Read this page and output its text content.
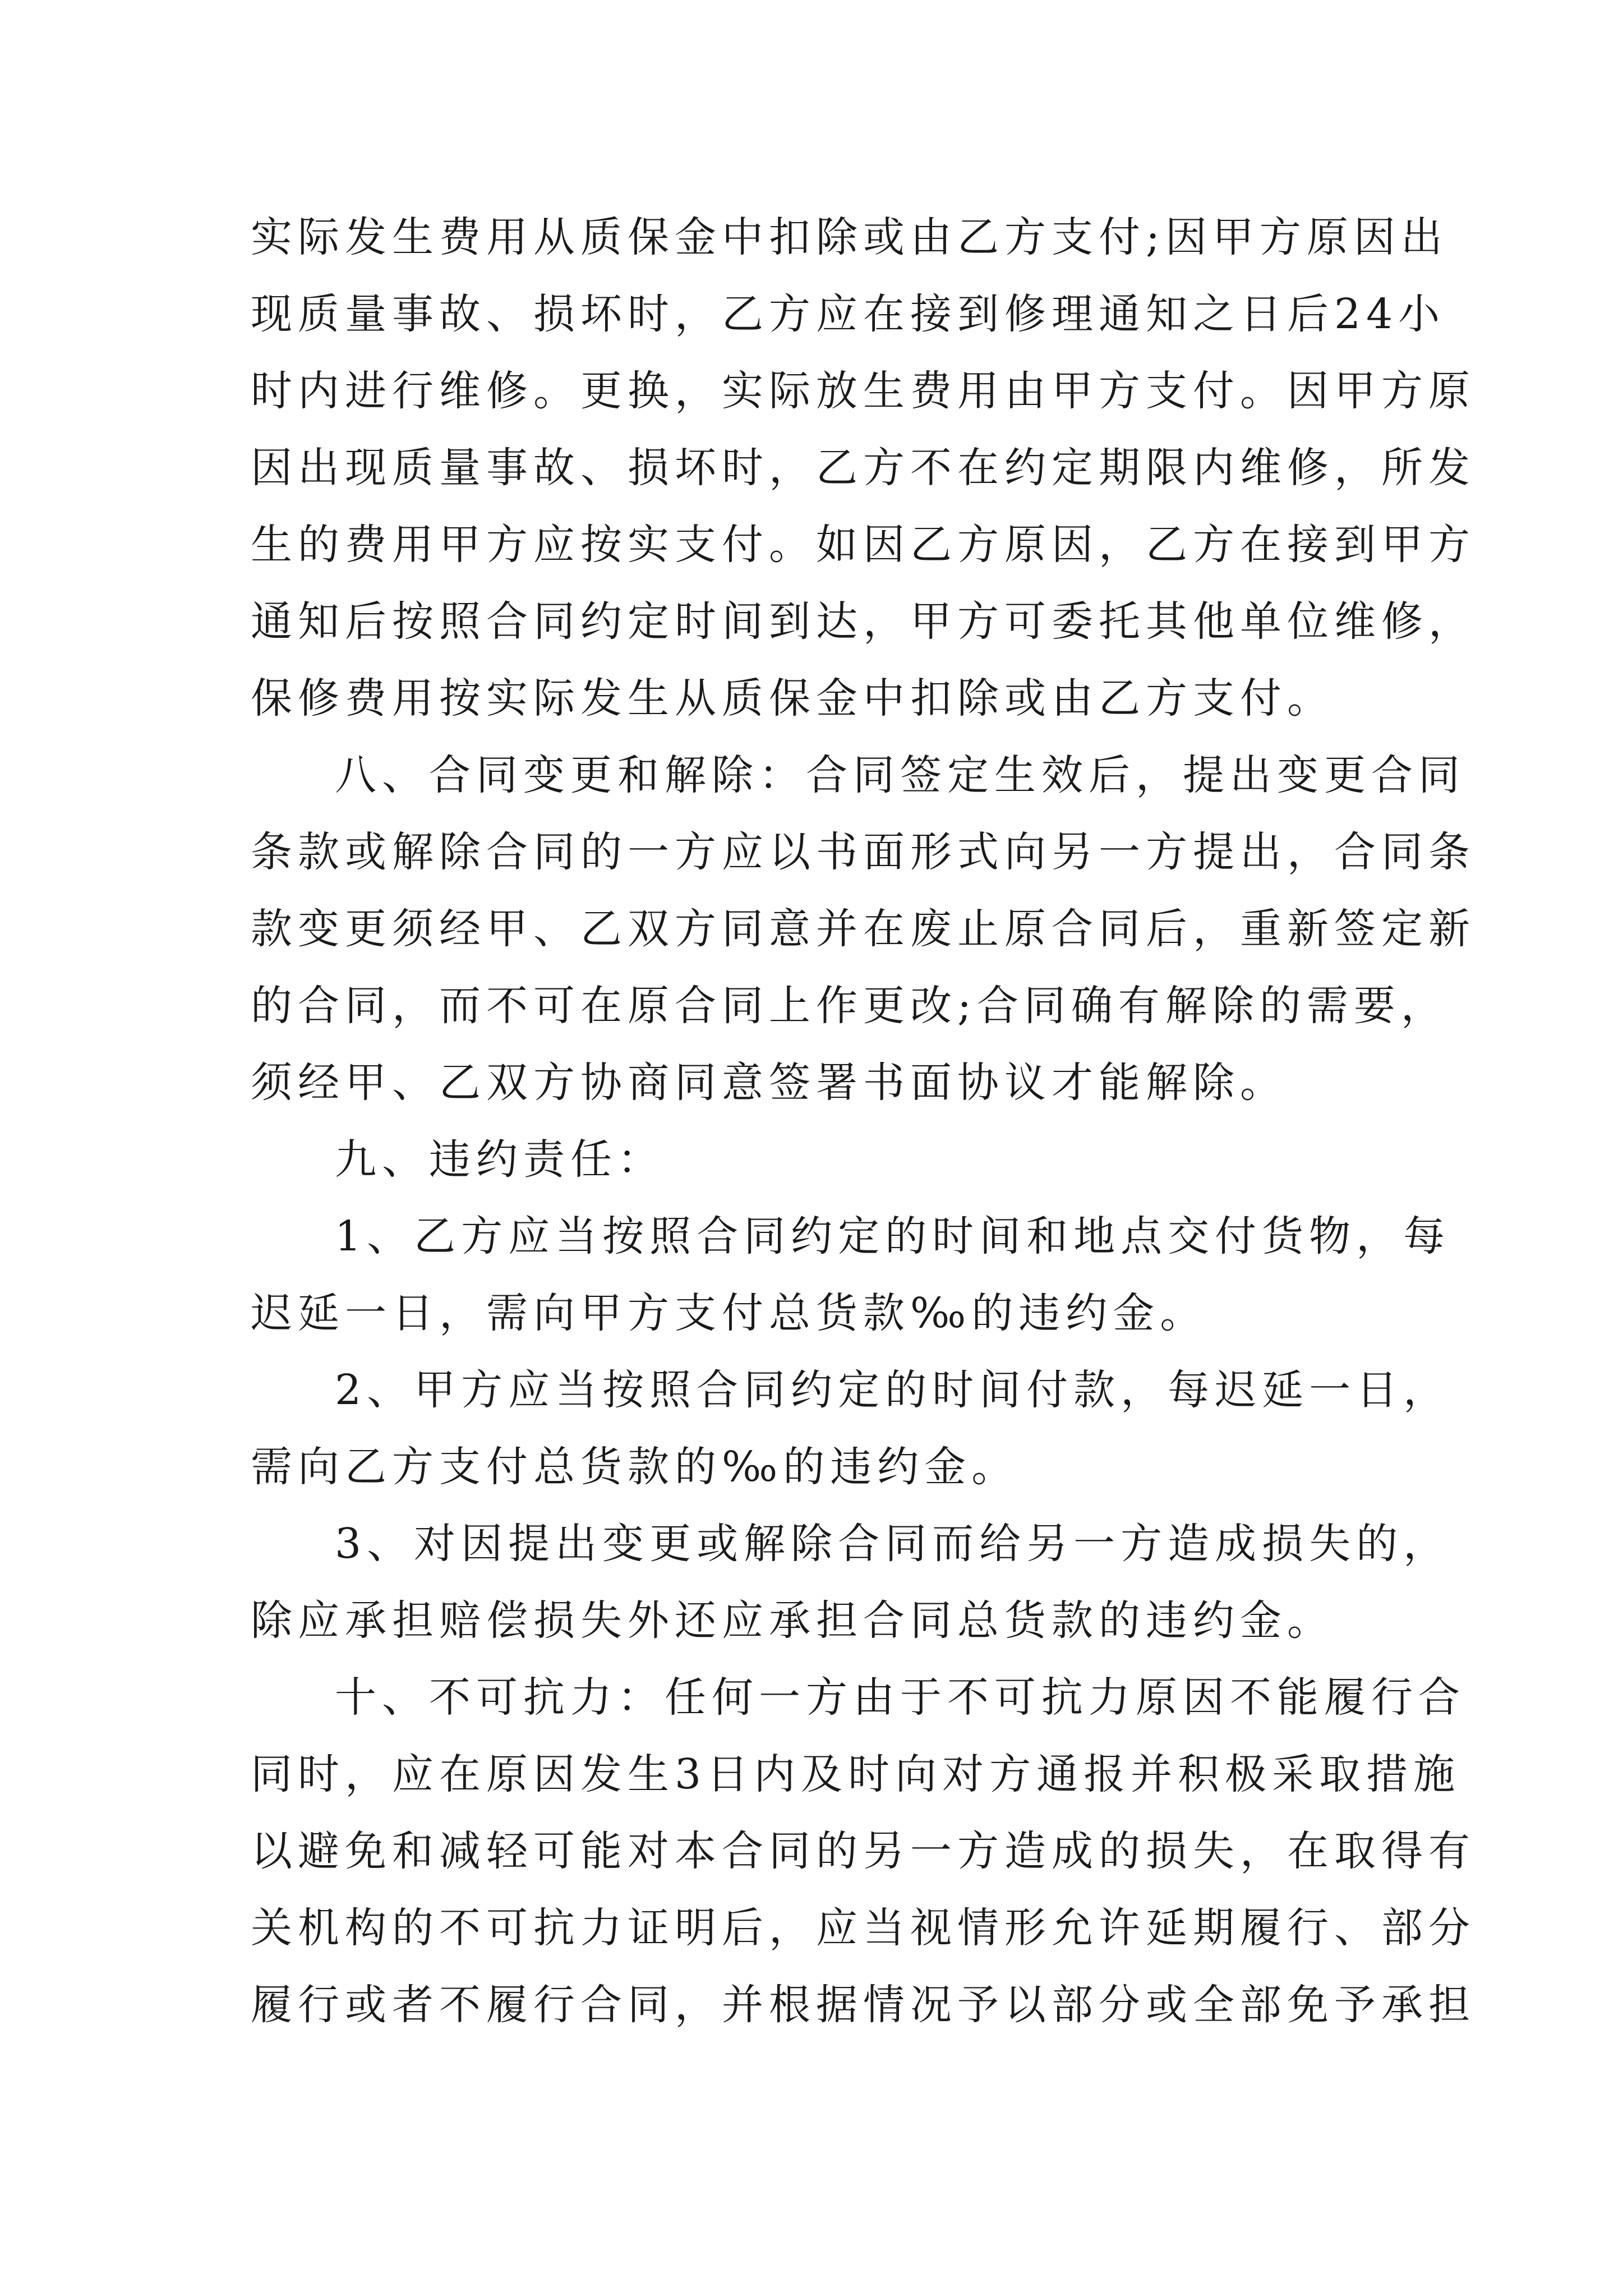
实际发生费用从质保金中扣除或由乙方支付;因甲方原因出
现质量事故、损坏时，乙方应在接到修理通知之日后24小
时内进行维修。更换，实际放生费用由甲方支付。因甲方原
因出现质量事故、损坏时，乙方不在约定期限内维修，所发
生的费用甲方应按实支付。如因乙方原因，乙方在接到甲方
通知后按照合同约定时间到达，甲方可委托其他单位维修，
保修费用按实际发生从质保金中扣除或由乙方支付。
八、合同变更和解除：合同签定生效后，提出变更合同
条款或解除合同的一方应以书面形式向另一方提出，合同条
款变更须经甲、乙双方同意并在废止原合同后，重新签定新
的合同，而不可在原合同上作更改;合同确有解除的需要，
须经甲、乙双方协商同意签署书面协议才能解除。
九、违约责任：
1、乙方应当按照合同约定的时间和地点交付货物，每
迟延一日，需向甲方支付总货款‰的违约金。
2、甲方应当按照合同约定的时间付款，每迟延一日，
需向乙方支付总货款的‰的违约金。
3、对因提出变更或解除合同而给另一方造成损失的，
除应承担赔偿损失外还应承担合同总货款的违约金。
十、不可抗力：任何一方由于不可抗力原因不能履行合
同时，应在原因发生3日内及时向对方通报并积极采取措施
以避免和减轻可能对本合同的另一方造成的损失，在取得有
关机构的不可抗力证明后，应当视情形允许延期履行、部分
履行或者不履行合同，并根据情况予以部分或全部免予承担
